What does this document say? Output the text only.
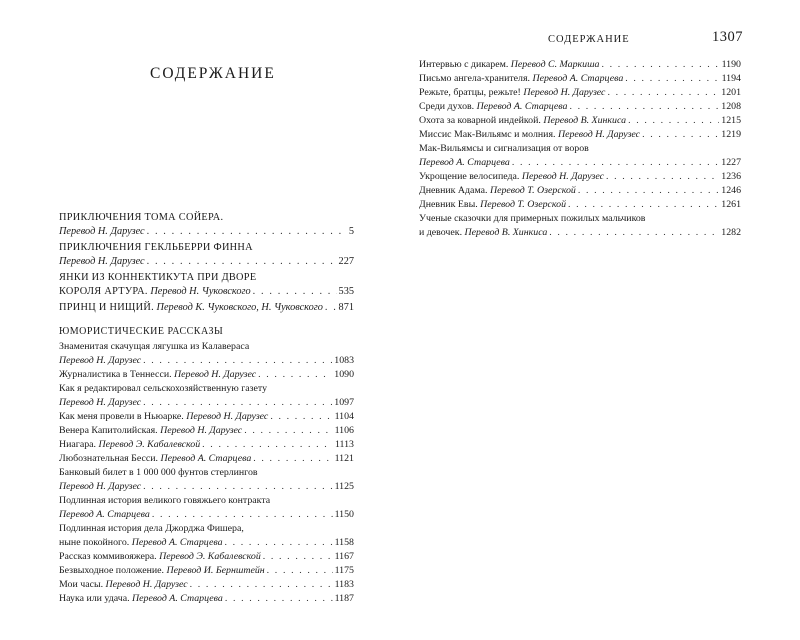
СОДЕРЖАНИЕ	1307
СОДЕРЖАНИЕ
ПРИКЛЮЧЕНИЯ ТОМА СОЙЕРА.
Перевод Н. Дарузес . . .	5
ПРИКЛЮЧЕНИЯ ГЕКЛЬБЕРРИ ФИННА
Перевод Н. Дарузес . . .	227
ЯНКИ ИЗ КОННЕКТИКУТА ПРИ ДВОРЕ
КОРОЛЯ АРТУРА. Перевод Н. Чуковского . . .	535
ПРИНЦ И НИЩИЙ. Перевод К. Чуковского, Н. Чуковского . . . 871
ЮМОРИСТИЧЕСКИЕ РАССКАЗЫ
Знаменитая скачущая лягушка из Калавераса
Перевод Н. Дарузес . . .	1083
Журналистика в Теннесси. Перевод Н. Дарузес . . .	1090
Как я редактировал сельскохозяйственную газету
Перевод Н. Дарузес . . .	1097
Как меня провели в Ньюарке. Перевод Н. Дарузес . . .	1104
Венера Капитолийская. Перевод Н. Дарузес . . .	1106
Ниагара. Перевод Э. Кабалевской . . .	1113
Любознательная Бесси. Перевод А. Старцева . . .	1121
Банковый билет в 1 000 000 фунтов стерлингов
Перевод Н. Дарузес . . .	1125
Подлинная история великого говяжьего контракта
Перевод А. Старцева . . .	1150
Подлинная история дела Джорджа Фишера,
ныне покойного. Перевод А. Старцева . . .	1158
Рассказ коммивояжера. Перевод Э. Кабалевской . . .	1167
Безвыходное положение. Перевод И. Бернштейн . . .	1175
Мои часы. Перевод Н. Дарузес . . .	1183
Наука или удача. Перевод А. Старцева . . .	1187
Интервью с дикарем. Перевод С. Маркиша . . .	1190
Письмо ангела-хранителя. Перевод А. Старцева . . .	1194
Режьте, братцы, режьте! Перевод Н. Дарузес . . .	1201
Среди духов. Перевод А. Старцева . . .	1208
Охота за коварной индейкой. Перевод В. Хинкиса . . .	1215
Миссис Мак-Вильямс и молния. Перевод Н. Дарузес . . .	1219
Мак-Вильямсы и сигнализация от воров
Перевод А. Старцева . . .	1227
Укрощение велосипеда. Перевод Н. Дарузес . . .	1236
Дневник Адама. Перевод Т. Озерской . . .	1246
Дневник Евы. Перевод Т. Озерской . . .	1261
Ученые сказочки для примерных пожилых мальчиков
и девочек. Перевод В. Хинкиса . . .	1282
